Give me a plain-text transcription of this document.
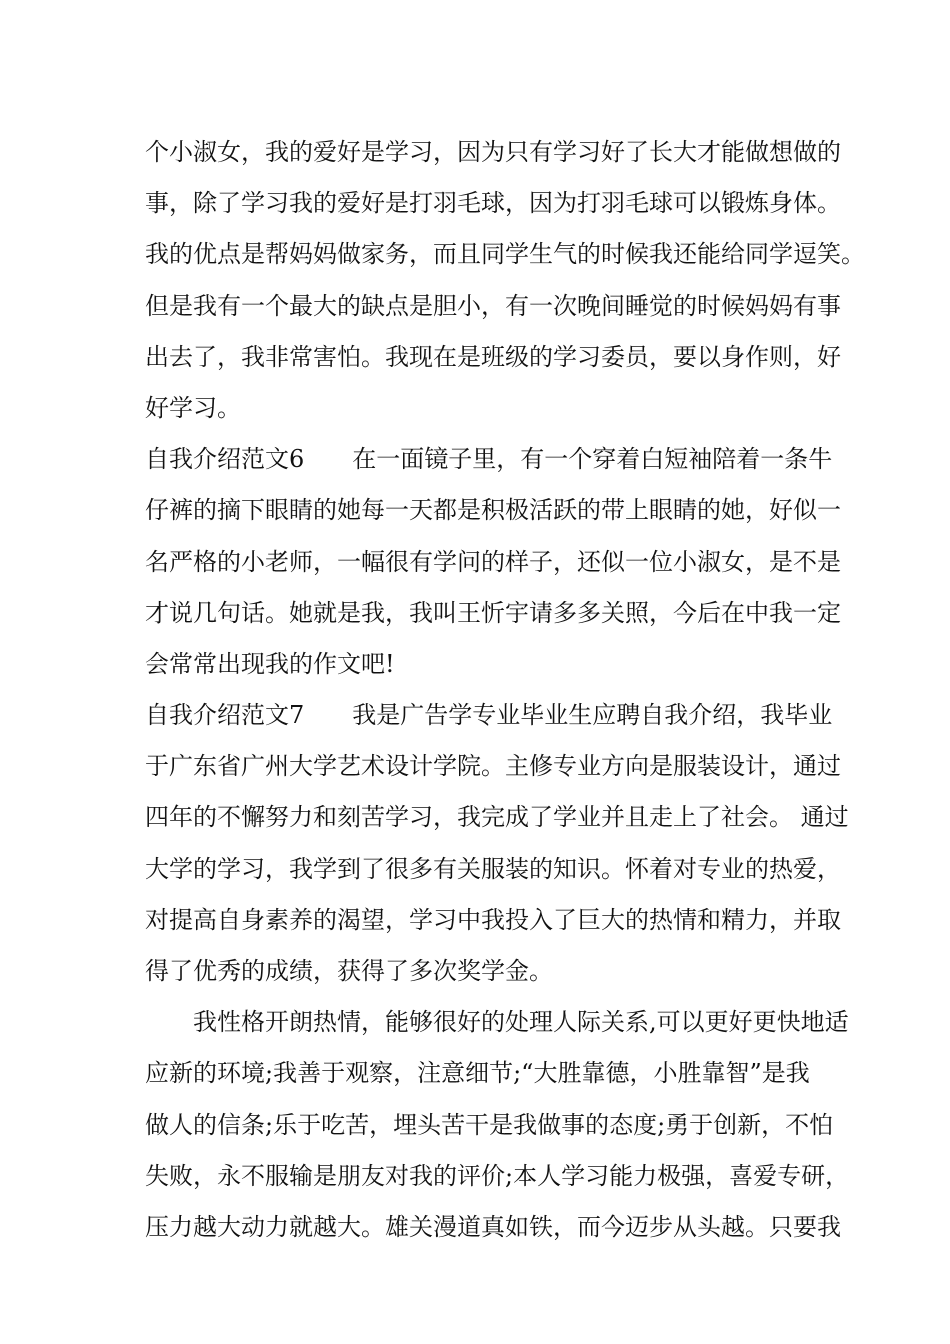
个小淑女，我的爱好是学习，因为只有学习好了长大才能做想做的
事，除了学习我的爱好是打羽毛球，因为打羽毛球可以锻炼身体。
我的优点是帮妈妈做家务，而且同学生气的时候我还能给同学逗笑。
但是我有一个最大的缺点是胆小，有一次晚间睡觉的时候妈妈有事
出去了，我非常害怕。我现在是班级的学习委员，要以身作则，好
好学习。
自我介绍范文6　　在一面镜子里，有一个穿着白短袖陪着一条牛
仔裤的摘下眼睛的她每一天都是积极活跃的带上眼睛的她，好似一
名严格的小老师，一幅很有学问的样子，还似一位小淑女，是不是
才说几句话。她就是我，我叫王忻宇请多多关照，今后在中我一定
会常常出现我的作文吧!
自我介绍范文7　　我是广告学专业毕业生应聘自我介绍，我毕业
于广东省广州大学艺术设计学院。主修专业方向是服装设计，通过
四年的不懈努力和刻苦学习，我完成了学业并且走上了社会。 通过
大学的学习，我学到了很多有关服装的知识。怀着对专业的热爱，
对提高自身素养的渴望，学习中我投入了巨大的热情和精力，并取
得了优秀的成绩，获得了多次奖学金。
　　我性格开朗热情，能够很好的处理人际关系,可以更好更快地适
应新的环境;我善于观察，注意细节;“大胜靠德，小胜靠智”是我
做人的信条;乐于吃苦，埋头苦干是我做事的态度;勇于创新，不怕
失败，永不服输是朋友对我的评价;本人学习能力极强，喜爱专研，
压力越大动力就越大。雄关漫道真如铁，而今迈步从头越。只要我
